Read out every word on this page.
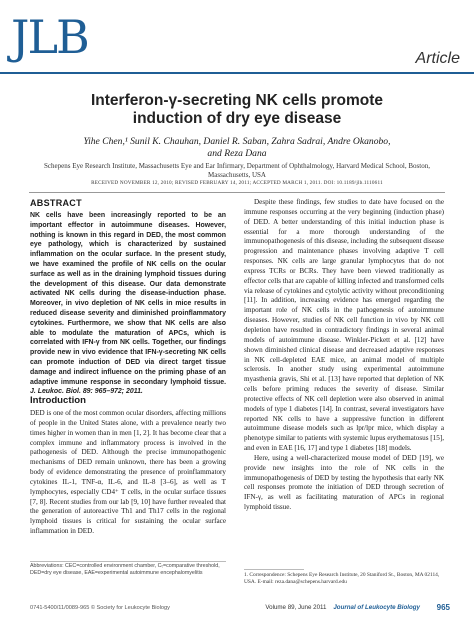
JLB	Article
Interferon-γ-secreting NK cells promote
induction of dry eye disease
Yihe Chen,¹ Sunil K. Chauhan, Daniel R. Saban, Zahra Sadrai, Andre Okanobo,
and Reza Dana
Schepens Eye Research Institute, Massachusetts Eye and Ear Infirmary, Department of Ophthalmology, Harvard Medical School, Boston, Massachusetts, USA
RECEIVED NOVEMBER 12, 2010; REVISED FEBRUARY 14, 2011; ACCEPTED MARCH 1, 2011. DOI: 10.1189/jlb.1110611
ABSTRACT
NK cells have been increasingly reported to be an important effector in autoimmune diseases. However, nothing is known in this regard in DED, the most common eye pathology, which is characterized by sustained inflammation on the ocular surface. In the present study, we have examined the profile of NK cells on the ocular surface as well as in the draining lymphoid tissues during the development of this disease. Our data demonstrate activated NK cells during the disease-induction phase. Moreover, in vivo depletion of NK cells in mice results in reduced disease severity and diminished proinflammatory cytokines. Furthermore, we show that NK cells are also able to modulate the maturation of APCs, which is correlated with IFN-γ from NK cells. Together, our findings provide new in vivo evidence that IFN-γ-secreting NK cells can promote induction of DED via direct target tissue damage and indirect influence on the priming phase of an adaptive immune response in secondary lymphoid tissue. J. Leukoc. Biol. 89: 965–972; 2011.
Introduction
DED is one of the most common ocular disorders, affecting millions of people in the United States alone, with a prevalence nearly two times higher in women than in men [1, 2]. It has become clear that a complex immune and inflammatory process is involved in the pathogenesis of DED. Although the precise immunopathogenic mechanisms of DED remain unknown, there has been a growing body of evidence demonstrating the presence of proinflammatory cytokines IL-1, TNF-α, IL-6, and IL-8 [3–6], as well as T lymphocytes, especially CD4⁺ T cells, in the ocular surface tissues [7, 8]. Recent studies from our lab [9, 10] have further revealed that the generation of autoreactive Th1 and Th17 cells in the regional lymphoid tissues is critical for sustaining the ocular surface inflammation in DED.

Despite these findings, few studies to date have focused on the immune responses occurring at the very beginning (induction phase) of DED. A better understanding of this initial induction phase is essential for a more thorough understanding of the immunopathogenesis of this disease, including the subsequent disease progression and maintenance phases involving adaptive T cell responses. NK cells are large granular lymphocytes that do not express TCRs or BCRs. They have been viewed traditionally as effector cells that are capable of killing infected and transformed cells via release of cytokines and cytolytic activity without preconditioning [11]. In addition, increasing evidence has emerged regarding the important role of NK cells in the pathogenesis of autoimmune diseases. However, studies of NK cell function in vivo by NK cell depletion have resulted in contradictory findings in several animal models of autoimmune disease. Winkler-Pickett et al. [12] have shown diminished clinical disease and decreased adaptive responses in NK cell-depleted EAE mice, an animal model of multiple sclerosis. In another study using experimental autoimmune myasthenia gravis, Shi et al. [13] have reported that depletion of NK cells before priming reduces the severity of disease. Similar protective effects of NK cell depletion were also observed in animal models of type 1 diabetes [14]. In contrast, several investigators have reported NK cells to have a suppressive function in different autoimmune disease models such as lpr/lpr mice, which display a phenotype similar to patients with systemic lupus erythematosus [15], and even in EAE [16, 17] and type 1 diabetes [18] models.

Here, using a well-characterized mouse model of DED [19], we provide new insights into the role of NK cells in the immunopathogenesis of DED by testing the hypothesis that early NK cell responses promote the initiation of DED through secretion of IFN-γ, as well as facilitating maturation of APCs in regional lymphoid tissue.

Abbreviations: CEC=controlled environment chamber, Cₜ=comparative threshold, DED=dry eye disease, EAE=experimental autoimmune encephalomyelitis	1. Correspondence: Schepens Eye Research Institute, 20 Staniford St., Boston, MA 02114, USA. E-mail: reza.dana@schepens.harvard.edu
0741-5400/11/0089-965 © Society for Leukocyte Biology	Volume 89, June 2011 Journal of Leukocyte Biology 965
